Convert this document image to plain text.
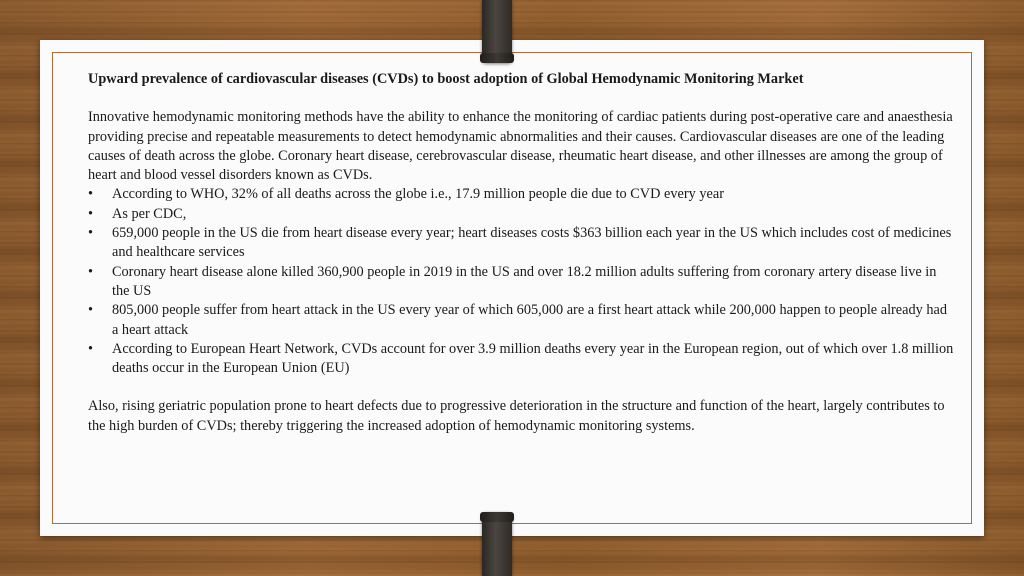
Upward prevalence of cardiovascular diseases (CVDs) to boost adoption of Global Hemodynamic Monitoring Market

Innovative hemodynamic monitoring methods have the ability to enhance the monitoring of cardiac patients during post-operative care and anaesthesia providing precise and repeatable measurements to detect hemodynamic abnormalities and their causes. Cardiovascular diseases are one of the leading causes of death across the globe. Coronary heart disease, cerebrovascular disease, rheumatic heart disease, and other illnesses are among the group of heart and blood vessel disorders known as CVDs.

• According to WHO, 32% of all deaths across the globe i.e., 17.9 million people die due to CVD every year
• As per CDC,
• 659,000 people in the US die from heart disease every year; heart diseases costs $363 billion each year in the US which includes cost of medicines and healthcare services
• Coronary heart disease alone killed 360,900 people in 2019 in the US and over 18.2 million adults suffering from coronary artery disease live in the US
• 805,000 people suffer from heart attack in the US every year of which 605,000 are a first heart attack while 200,000 happen to people already had a heart attack
• According to European Heart Network, CVDs account for over 3.9 million deaths every year in the European region, out of which over 1.8 million deaths occur in the European Union (EU)

Also, rising geriatric population prone to heart defects due to progressive deterioration in the structure and function of the heart, largely contributes to the high burden of CVDs; thereby triggering the increased adoption of hemodynamic monitoring systems.
